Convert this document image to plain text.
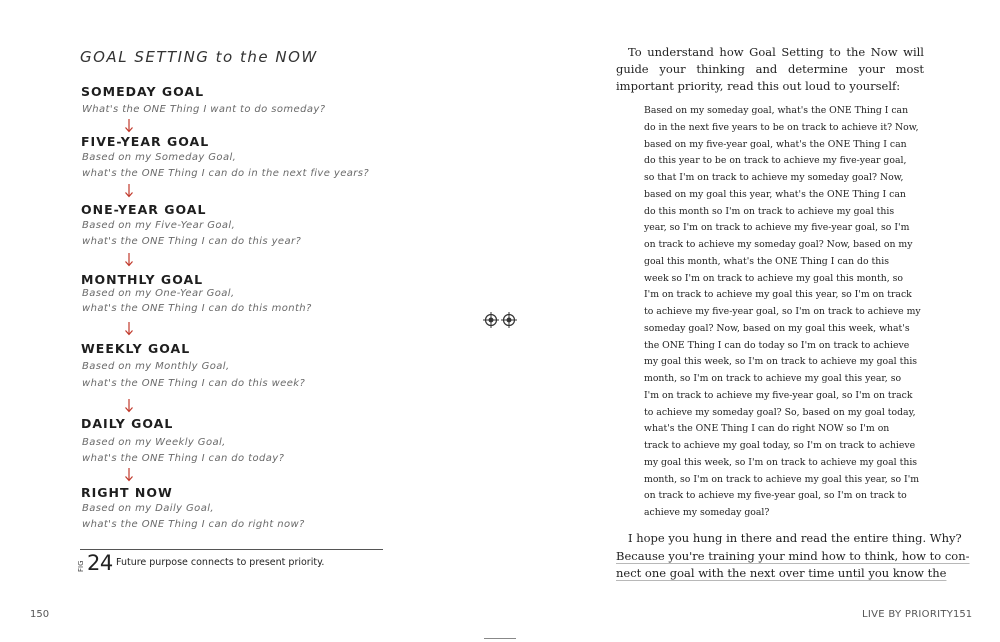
GOAL SETTING to the NOW
SOMEDAY GOAL
What's the ONE Thing I want to do someday?
FIVE-YEAR GOAL
Based on my Someday Goal,
what's the ONE Thing I can do in the next five years?
ONE-YEAR GOAL
Based on my Five-Year Goal,
what's the ONE Thing I can do this year?
MONTHLY GOAL
Based on my One-Year Goal,
what's the ONE Thing I can do this month?
WEEKLY GOAL
Based on my Monthly Goal,
what's the ONE Thing I can do this week?
DAILY GOAL
Based on my Weekly Goal,
what's the ONE Thing I can do today?
RIGHT NOW
Based on my Daily Goal,
what's the ONE Thing I can do right now?
FIG 24 Future purpose connects to present priority.
150

To understand how Goal Setting to the Now will guide your thinking and determine your most important priority, read this out loud to yourself:

Based on my someday goal, what's the ONE Thing I can
do in the next five years to be on track to achieve it? Now,
based on my five-year goal, what's the ONE Thing I can
do this year to be on track to achieve my five-year goal,
so that I'm on track to achieve my someday goal? Now,
based on my goal this year, what's the ONE Thing I can
do this month so I'm on track to achieve my goal this
year, so I'm on track to achieve my five-year goal, so I'm
on track to achieve my someday goal? Now, based on my
goal this month, what's the ONE Thing I can do this
week so I'm on track to achieve my goal this month, so
I'm on track to achieve my goal this year, so I'm on track
to achieve my five-year goal, so I'm on track to achieve my
someday goal? Now, based on my goal this week, what's
the ONE Thing I can do today so I'm on track to achieve
my goal this week, so I'm on track to achieve my goal this
month, so I'm on track to achieve my goal this year, so
I'm on track to achieve my five-year goal, so I'm on track
to achieve my someday goal? So, based on my goal today,
what's the ONE Thing I can do right NOW so I'm on
track to achieve my goal today, so I'm on track to achieve
my goal this week, so I'm on track to achieve my goal this
month, so I'm on track to achieve my goal this year, so I'm
on track to achieve my five-year goal, so I'm on track to
achieve my someday goal?
I hope you hung in there and read the entire thing. Why?
Because you're training your mind how to think, how to con-
nect one goal with the next over time until you know the
LIVE BY PRIORITY 151
